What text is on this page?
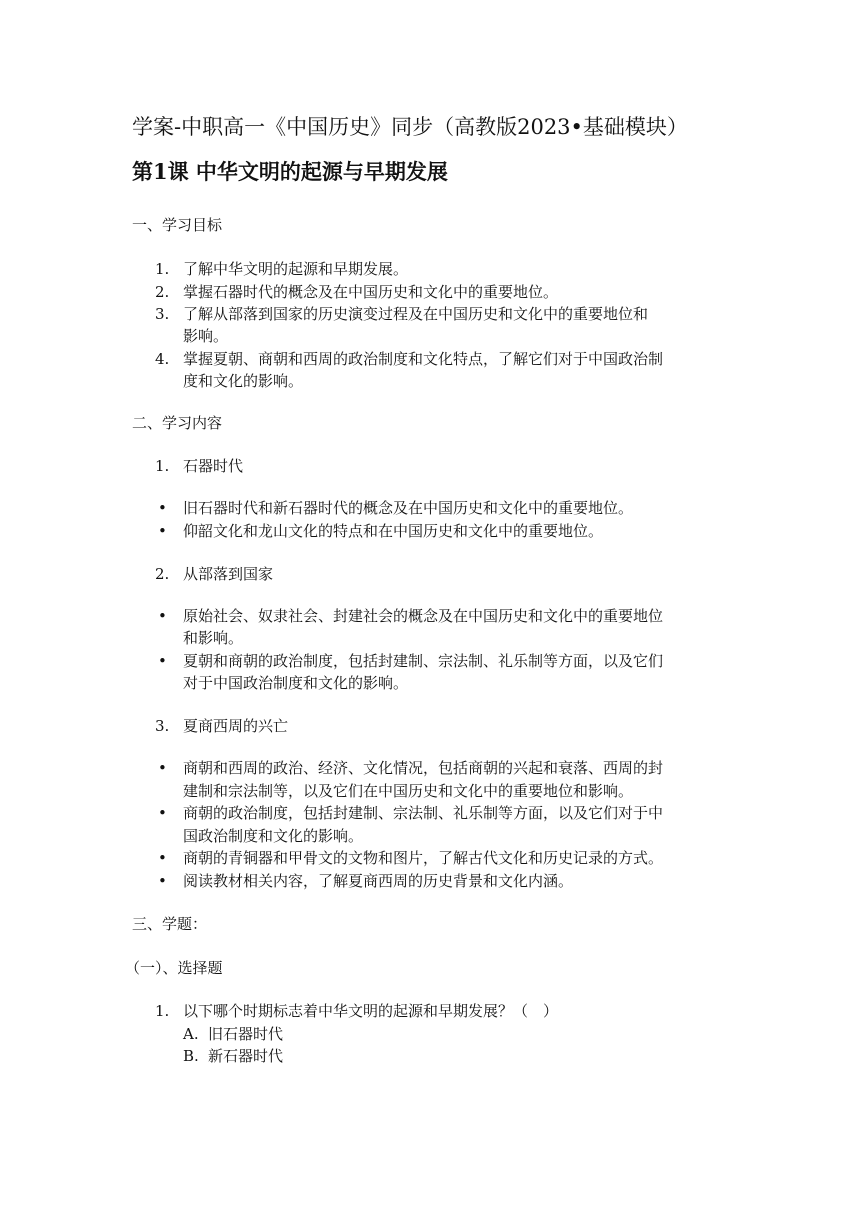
学案-中职高一《中国历史》同步（高教版2023•基础模块）
第1课 中华文明的起源与早期发展
一、学习目标
1. 了解中华文明的起源和早期发展。
2. 掌握石器时代的概念及在中国历史和文化中的重要地位。
3. 了解从部落到国家的历史演变过程及在中国历史和文化中的重要地位和
影响。
4. 掌握夏朝、商朝和西周的政治制度和文化特点，了解它们对于中国政治制
度和文化的影响。
二、学习内容
1. 石器时代
• 旧石器时代和新石器时代的概念及在中国历史和文化中的重要地位。
• 仰韶文化和龙山文化的特点和在中国历史和文化中的重要地位。
2. 从部落到国家
• 原始社会、奴隶社会、封建社会的概念及在中国历史和文化中的重要地位
和影响。
• 夏朝和商朝的政治制度，包括封建制、宗法制、礼乐制等方面，以及它们
对于中国政治制度和文化的影响。
3. 夏商西周的兴亡
• 商朝和西周的政治、经济、文化情况，包括商朝的兴起和衰落、西周的封
建制和宗法制等，以及它们在中国历史和文化中的重要地位和影响。
• 商朝的政治制度，包括封建制、宗法制、礼乐制等方面，以及它们对于中
国政治制度和文化的影响。
• 商朝的青铜器和甲骨文的文物和图片，了解古代文化和历史记录的方式。
• 阅读教材相关内容，了解夏商西周的历史背景和文化内涵。
三、学题：
（一）、选择题
1. 以下哪个时期标志着中华文明的起源和早期发展？（　）
A. 旧石器时代
B. 新石器时代
